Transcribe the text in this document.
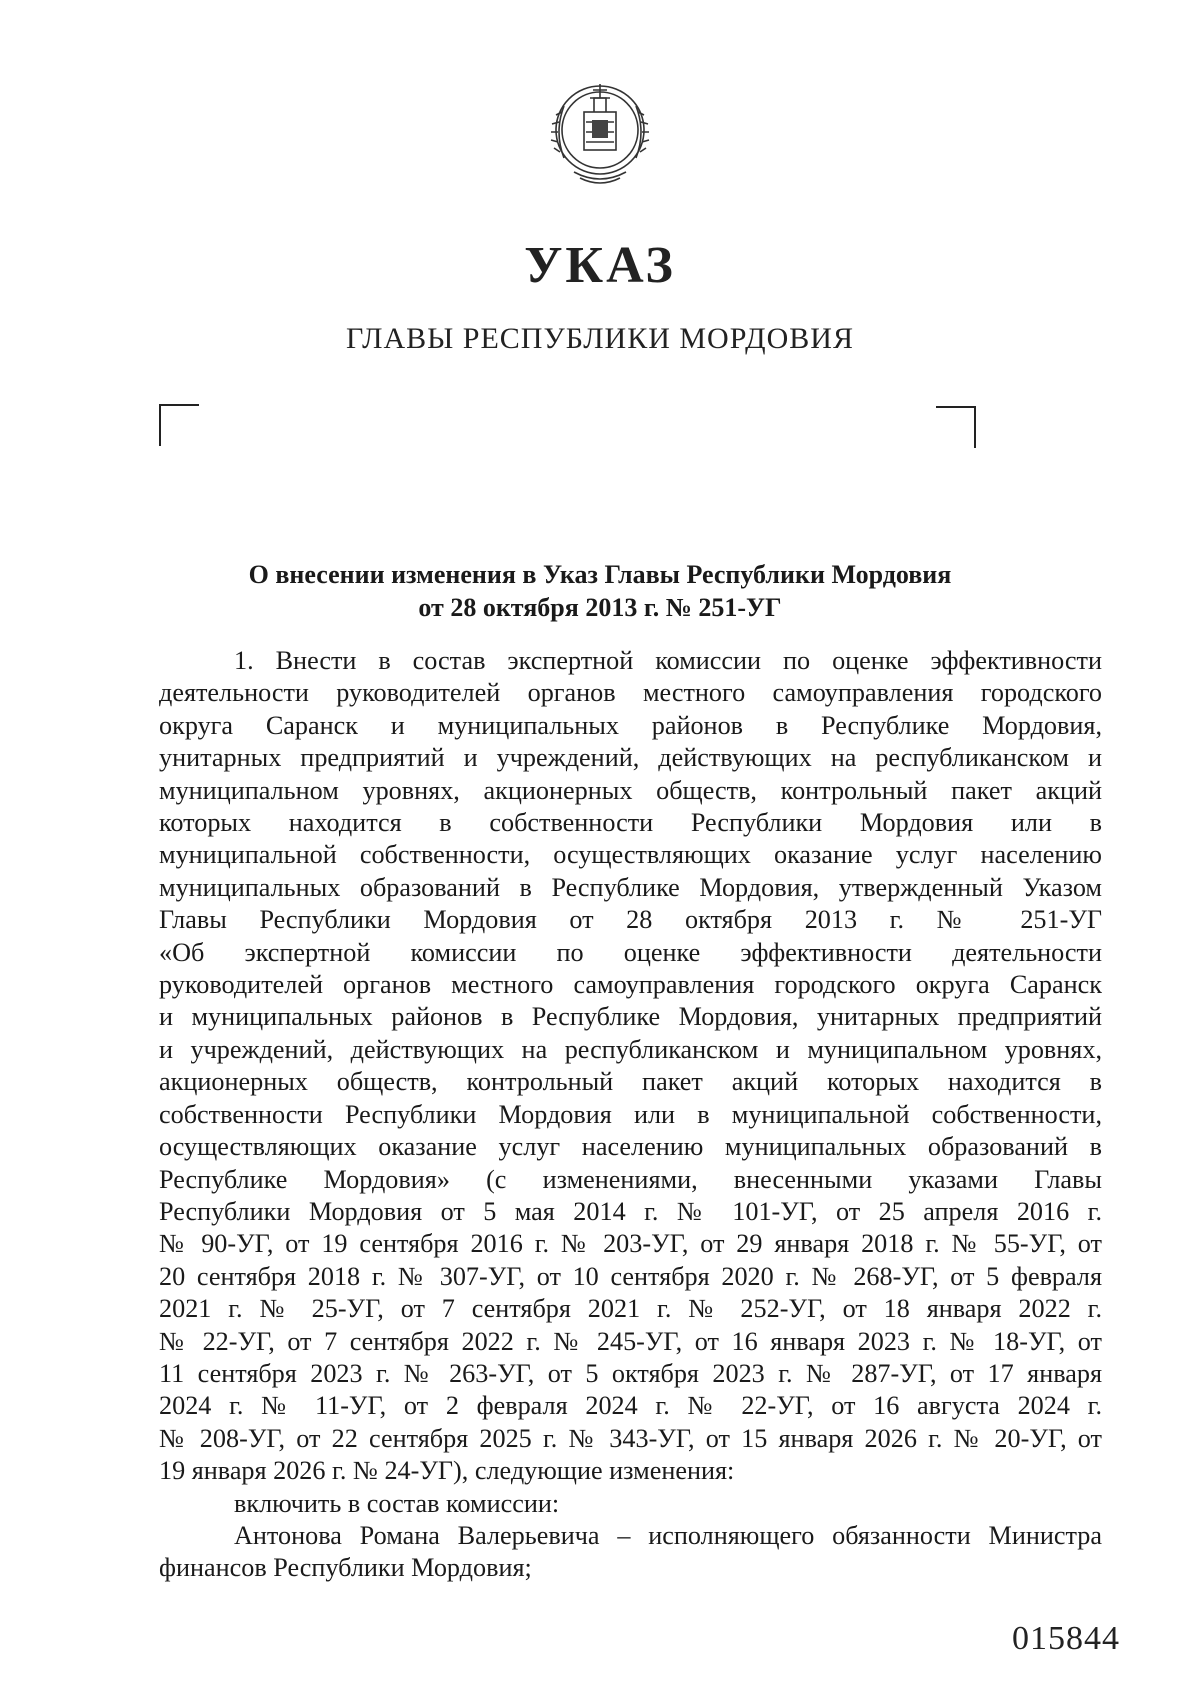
УКАЗ
ГЛАВЫ РЕСПУБЛИКИ МОРДОВИЯ
О внесении изменения в Указ Главы Республики Мордовия
от 28 октября 2013 г. № 251-УГ
1. Внести в состав экспертной комиссии по оценке эффективности
деятельности руководителей органов местного самоуправления городского
округа Саранск и муниципальных районов в Республике Мордовия,
унитарных предприятий и учреждений, действующих на республиканском и
муниципальном уровнях, акционерных обществ, контрольный пакет акций
которых находится в собственности Республики Мордовия или в
муниципальной собственности, осуществляющих оказание услуг населению
муниципальных образований в Республике Мордовия, утвержденный Указом
Главы Республики Мордовия от 28 октября 2013 г. № 251-УГ
«Об экспертной комиссии по оценке эффективности деятельности
руководителей органов местного самоуправления городского округа Саранск
и муниципальных районов в Республике Мордовия, унитарных предприятий
и учреждений, действующих на республиканском и муниципальном уровнях,
акционерных обществ, контрольный пакет акций которых находится в
собственности Республики Мордовия или в муниципальной собственности,
осуществляющих оказание услуг населению муниципальных образований в
Республике Мордовия» (с изменениями, внесенными указами Главы
Республики Мордовия от 5 мая 2014 г. № 101-УГ, от 25 апреля 2016 г.
№ 90-УГ, от 19 сентября 2016 г. № 203-УГ, от 29 января 2018 г. № 55-УГ, от
20 сентября 2018 г. № 307-УГ, от 10 сентября 2020 г. № 268-УГ, от 5 февраля
2021 г. № 25-УГ, от 7 сентября 2021 г. № 252-УГ, от 18 января 2022 г.
№ 22-УГ, от 7 сентября 2022 г. № 245-УГ, от 16 января 2023 г. № 18-УГ, от
11 сентября 2023 г. № 263-УГ, от 5 октября 2023 г. № 287-УГ, от 17 января
2024 г. № 11-УГ, от 2 февраля 2024 г. № 22-УГ, от 16 августа 2024 г.
№ 208-УГ, от 22 сентября 2025 г. № 343-УГ, от 15 января 2026 г. № 20-УГ, от
19 января 2026 г. № 24-УГ), следующие изменения:
включить в состав комиссии:
Антонова Романа Валерьевича – исполняющего обязанности Министра
финансов Республики Мордовия;
015844
